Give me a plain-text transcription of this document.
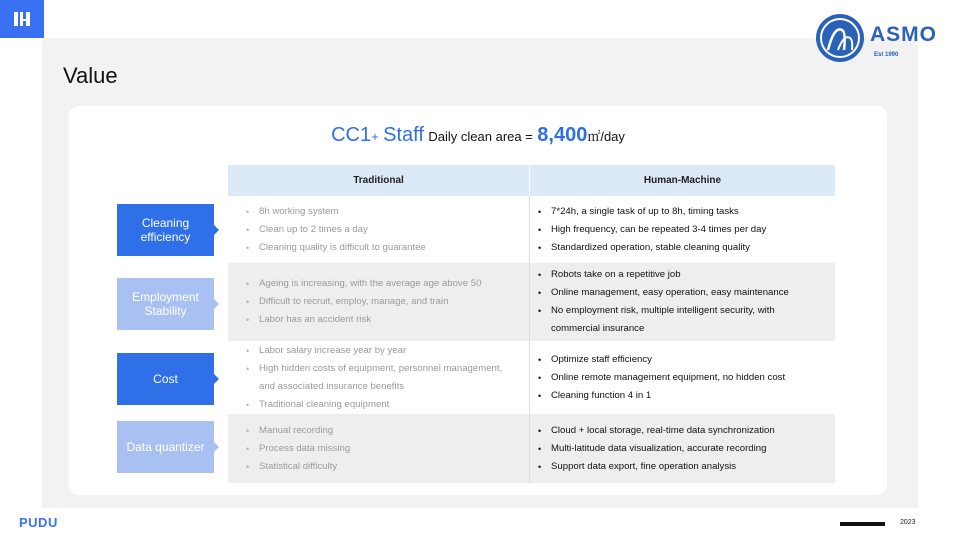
Value
ASMO
Est 1990
CC1+ Staff Daily clean area = 8,400㎡/day
Traditional	Human-Machine
• 8h working system
• Clean up to 2 times a day
• Cleaning quality is difficult to guarantee
• 7*24h, a single task of up to 8h, timing tasks
• High frequency, can be repeated 3-4 times per day
• Standardized operation, stable cleaning quality
• Ageing is increasing, with the average age above 50
• Difficult to recruit, employ, manage, and train
• Labor has an accident risk
• Robots take on a repetitive job
• Online management, easy operation, easy maintenance
• No employment risk, multiple intelligent security, with commercial insurance
• Labor salary increase year by year
• High hidden costs of equipment, personnel management, and associated insurance benefits
• Traditional cleaning equipment
• Optimize staff efficiency
• Online remote management equipment, no hidden cost
• Cleaning function 4 in 1
• Manual recording
• Process data missing
• Statistical difficulty
• Cloud + local storage, real-time data synchronization
• Multi-latitude data visualization, accurate recording
• Support data export, fine operation analysis
Cleaning efficiency
Employment Stability
Cost
Data quantizer
PUDU	2023
